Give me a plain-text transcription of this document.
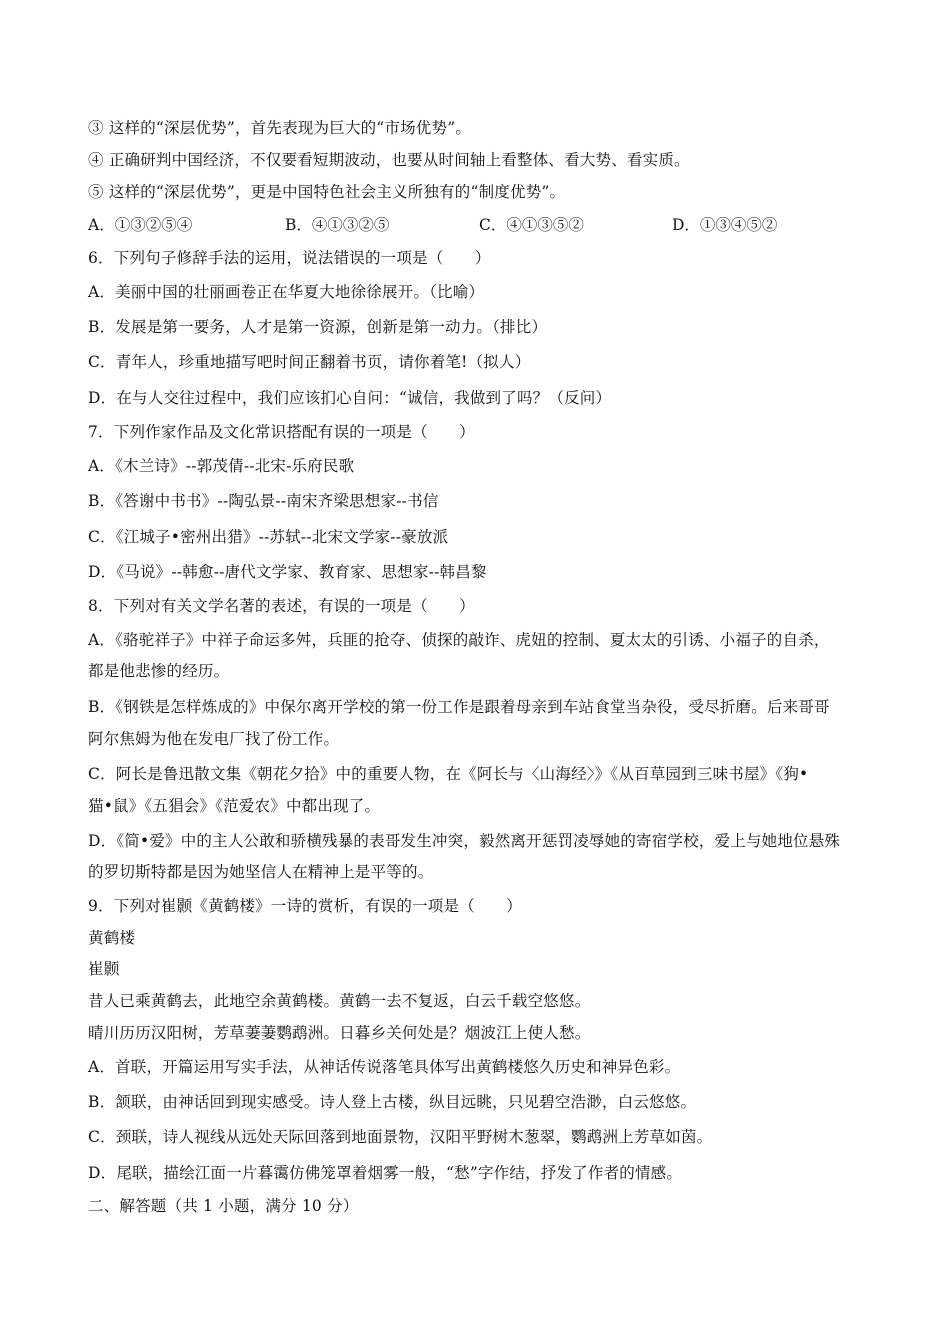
③ 这样的“深层优势”，首先表现为巨大的“市场优势”。
④ 正确研判中国经济，不仅要看短期波动，也要从时间轴上看整体、看大势、看实质。
⑤ 这样的“深层优势”，更是中国特色社会主义所独有的“制度优势”。
A．①③②⑤④	B．④①③②⑤	C．④①③⑤②	D．①③④⑤②
6．下列句子修辞手法的运用，说法错误的一项是（　　）
A．美丽中国的壮丽画卷正在华夏大地徐徐展开。（比喻）
B．发展是第一要务，人才是第一资源，创新是第一动力。（排比）
C．青年人，珍重地描写吧时间正翻着书页，请你着笔!（拟人）
D．在与人交往过程中，我们应该扪心自问：“诚信，我做到了吗？（反问）
7．下列作家作品及文化常识搭配有误的一项是（　　）
A．《木兰诗》--郭茂倩--北宋-乐府民歌
B．《答谢中书书》--陶弘景--南宋齐梁思想家--书信
C．《江城子•密州出猎》--苏轼--北宋文学家--豪放派
D．《马说》--韩愈--唐代文学家、教育家、思想家--韩昌黎
8．下列对有关文学名著的表述，有误的一项是（　　）
A．《骆驼祥子》中祥子命运多舛，兵匪的抢夺、侦探的敲诈、虎妞的控制、夏太太的引诱、小福子的自杀，
都是他悲惨的经历。
B．《钢铁是怎样炼成的》中保尔离开学校的第一份工作是跟着母亲到车站食堂当杂役，受尽折磨。后来哥哥
阿尔焦姆为他在发电厂找了份工作。
C．阿长是鲁迅散文集《朝花夕拾》中的重要人物，在《阿长与〈山海经〉》《从百草园到三味书屋》《狗•
猫•鼠》《五猖会》《范爱农》中都出现了。
D．《简•爱》中的主人公敢和骄横残暴的表哥发生冲突，毅然离开惩罚凌辱她的寄宿学校，爱上与她地位悬殊
的罗切斯特都是因为她坚信人在精神上是平等的。
9．下列对崔颢《黄鹤楼》一诗的赏析，有误的一项是（　　）
黄鹤楼
崔颢
昔人已乘黄鹤去，此地空余黄鹤楼。黄鹤一去不复返，白云千载空悠悠。
晴川历历汉阳树，芳草萋萋鹦鹉洲。日暮乡关何处是？烟波江上使人愁。
A．首联，开篇运用写实手法，从神话传说落笔具体写出黄鹤楼悠久历史和神异色彩。
B．颔联，由神话回到现实感受。诗人登上古楼，纵目远眺，只见碧空浩渺，白云悠悠。
C．颈联，诗人视线从远处天际回落到地面景物，汉阳平野树木葱翠，鹦鹉洲上芳草如茵。
D．尾联，描绘江面一片暮霭仿佛笼罩着烟雾一般，“愁”字作结，抒发了作者的情感。
二、解答题（共 1 小题，满分 10 分）
